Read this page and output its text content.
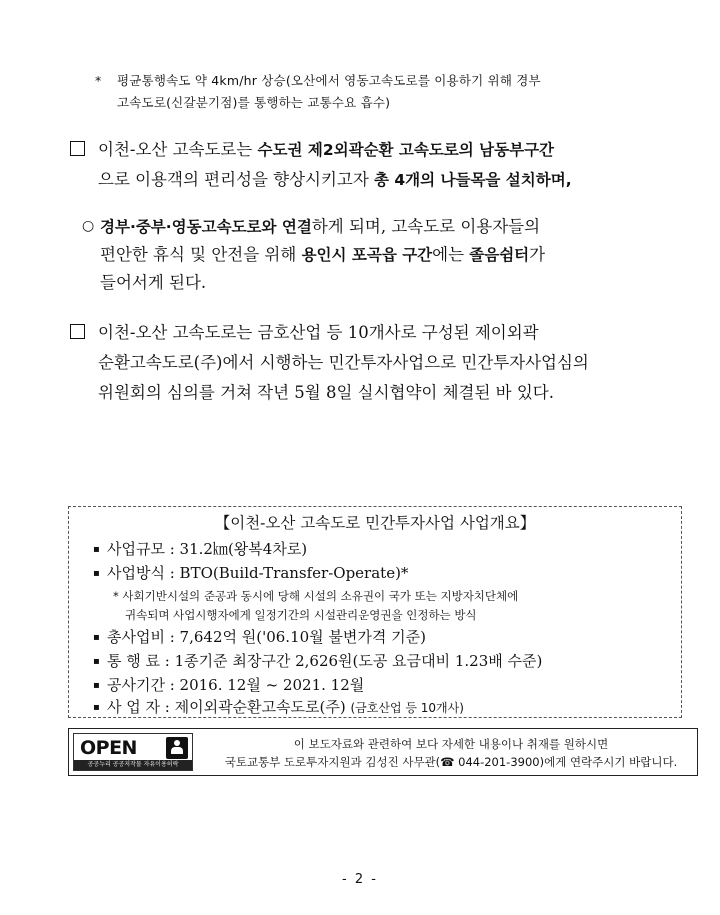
*	평균통행속도 약 4km/hr 상승(오산에서 영동고속도로를 이용하기 위해 경부
고속도로(신갈분기점)를 통행하는 교통수요 흡수)
이천-오산 고속도로는 수도권 제2외곽순환 고속도로의 남동부구간
으로 이용객의 편리성을 향상시키고자 총 4개의 나들목을 설치하며,
○ 경부·중부·영동고속도로와 연결하게 되며, 고속도로 이용자들의
편안한 휴식 및 안전을 위해 용인시 포곡읍 구간에는 졸음쉼터가
들어서게 된다.
이천-오산 고속도로는 금호산업 등 10개사로 구성된 제이외곽
순환고속도로(주)에서 시행하는 민간투자사업으로 민간투자사업심의
위원회의 심의를 거쳐 작년 5월 8일 실시협약이 체결된 바 있다.
【이천-오산 고속도로 민간투자사업 사업개요】
▪ 사업규모 : 31.2㎞(왕복4차로)
▪ 사업방식 : BTO(Build-Transfer-Operate)*
* 사회기반시설의 준공과 동시에 당해 시설의 소유권이 국가 또는 지방자치단체에
귀속되며 사업시행자에게 일정기간의 시설관리운영권을 인정하는 방식
▪ 총사업비 : 7,642억 원('06.10월 불변가격 기준)
▪ 통 행 료 : 1종기준 최장구간 2,626원(도공 요금대비 1.23배 수준)
▪ 공사기간 : 2016. 12월 ~ 2021. 12월
▪ 사 업 자 : 제이외곽순환고속도로(주) (금호산업 등 10개사)
OPEN
공공누리 공공저작물 자유이용허락
이 보도자료와 관련하여 보다 자세한 내용이나 취재를 원하시면
국토교통부 도로투자지원과 김성진 사무관(☎ 044-201-3900)에게 연락주시기 바랍니다.
- 2 -
